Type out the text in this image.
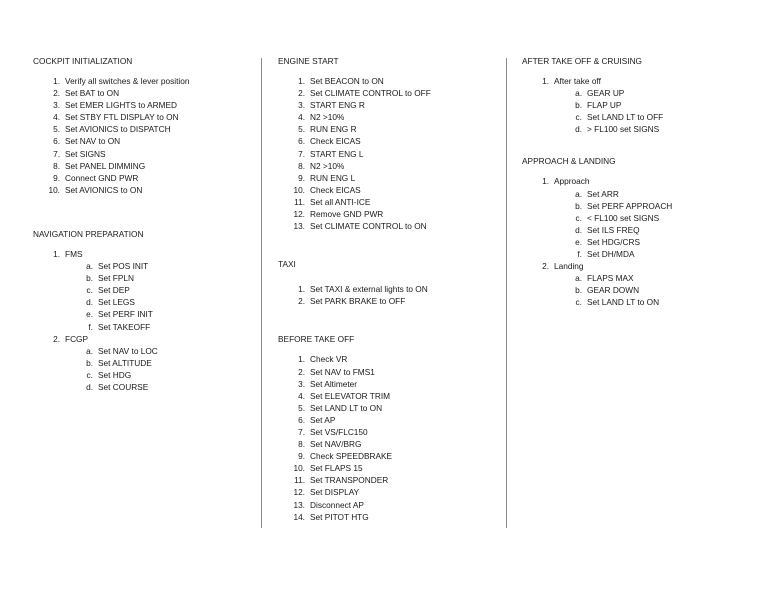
COCKPIT INITIALIZATION
1. Verify all switches & lever position
2. Set BAT to ON
3. Set EMER LIGHTS to ARMED
4. Set STBY FTL DISPLAY to ON
5. Set AVIONICS to DISPATCH
6. Set NAV to ON
7. Set SIGNS
8. Set PANEL DIMMING
9. Connect GND PWR
10. Set AVIONICS to ON
NAVIGATION PREPARATION
1. FMS
a. Set POS INIT
b. Set FPLN
c. Set DEP
d. Set LEGS
e. Set PERF INIT
f. Set TAKEOFF
2. FCGP
a. Set NAV to LOC
b. Set ALTITUDE
c. Set HDG
d. Set COURSE
ENGINE START
1. Set BEACON to ON
2. Set CLIMATE CONTROL to OFF
3. START ENG R
4. N2 >10%
5. RUN ENG R
6. Check EICAS
7. START ENG L
8. N2 >10%
9. RUN ENG L
10. Check EICAS
11. Set all ANTI-ICE
12. Remove GND PWR
13. Set CLIMATE CONTROL to ON
TAXI
1. Set TAXI & external lights to ON
2. Set PARK BRAKE to OFF
BEFORE TAKE OFF
1. Check VR
2. Set NAV to FMS1
3. Set Altimeter
4. Set ELEVATOR TRIM
5. Set LAND LT to ON
6. Set AP
7. Set VS/FLC150
8. Set NAV/BRG
9. Check SPEEDBRAKE
10. Set FLAPS 15
11. Set TRANSPONDER
12. Set DISPLAY
13. Disconnect AP
14. Set PITOT HTG
AFTER TAKE OFF & CRUISING
1. After take off
a. GEAR UP
b. FLAP UP
c. Set LAND LT to OFF
d. > FL100 set SIGNS
APPROACH & LANDING
1. Approach
a. Set ARR
b. Set PERF APPROACH
c. < FL100 set SIGNS
d. Set ILS FREQ
e. Set HDG/CRS
f. Set DH/MDA
2. Landing
a. FLAPS MAX
b. GEAR DOWN
c. Set LAND LT to ON
